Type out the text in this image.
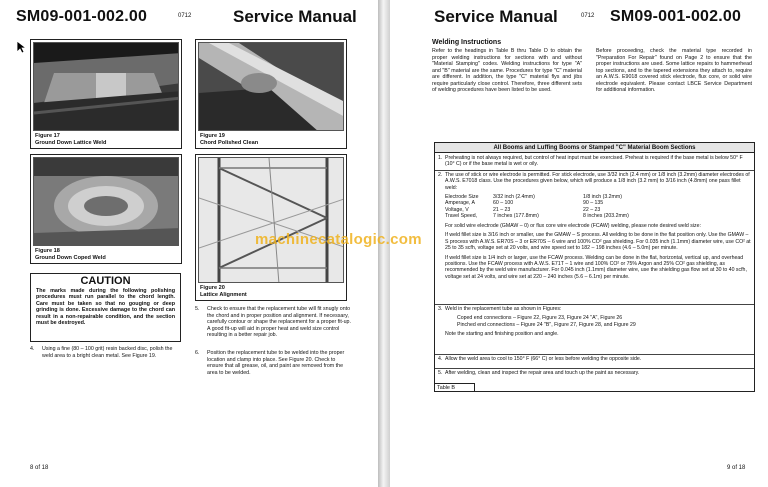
SM09-001-002.00	0712 Service Manual
Figure 17
Ground Down Lattice Weld
Figure 19
Chord Polished Clean
Figure 18
Ground Down Coped Weld
Figure 20
Lattice Alignment
CAUTION
The marks made during the following polishing procedures must run parallel to the chord length. Care must be taken so that no gouging or deep grinding is done. Excessive damage to the chord can result in a non-repairable condition, and the section must be destroyed.
4. Using a fine (80 – 100 grit) resin backed disc, polish the weld area to a bright clean metal. See Figure 19.
5. Check to ensure that the replacement tube will fit snugly onto the chord and in proper position and alignment. If necessary, carefully contour or shape the replacement for a proper fit-up. A good fit-up will aid in proper heat and weld size control resulting in a better repair job.
6. Position the replacement tube to be welded into the proper location and clamp into place. See Figure 20. Check to ensure that all grease, oil, and paint are removed from the area to be welded.
8 of 18
Service Manual	0712 SM09-001-002.00
Welding Instructions
Refer to the headings in Table B thru Table D to obtain the proper welding instructions for sections with and without "Material Stamping" codes. Welding instructions for type "A" and "B" material are the same. Procedures for type "C" material are different. In addition, the type "C" material flys and jibs require particularly close control. Therefore, three different sets of welding procedures have been listed to be used.
Before proceeding, check the material type recorded in "Preparation For Repair" found on Page 2 to ensure that the proper instructions are used. Some lattice repairs to hammerhead top sections, and to the tapered extensions they attach to, require an A.W.S. E9018 covered stick electrode, flux core, or solid wire electrode equivalent. Please contact LBCE Service Department for additional information.
All Booms and Luffing Booms or Stamped "C" Material Boom Sections
1. Preheating is not always required, but control of heat input must be exercised. Preheat is required if the base metal is below 50° F (10° C) or if the base metal is wet or oily.

2. The use of stick or wire electrode is permitted. For stick electrode, use 3/32 inch (2.4 mm) or 1/8 inch (3.2mm) diameter electrodes of A.W.S. E7018 class. Use the procedures given below, which will produce a 1/8 inch (3.2 mm) to 3/16 inch (4.8mm) one pass fillet weld:

Electrode Size	3/32 inch (2.4mm)	1/8 inch (3.2mm)
Amperage, A	60 – 100	90 – 135
Voltage, V	21 – 23	22 – 23
Travel Speed,	7 inches (177.8mm)	8 inches (203.2mm)

For solid wire electrode (GMAW – 0) or flux core wire electrode (FCAW) welding, please note desired weld size:

If weld fillet size is 3/16 inch or smaller, use the GMAW – S process. All welding to be done in the flat position only. Use the GMAW – S process with A.W.S. ER70S – 3 or ER70S – 6 wire and 100% CO² gas shielding. For 0.035 inch (1.1mm) diameter wire, use CO² at 25 to 35 scfh, voltage set at 20 volts, and wire speed set to 182 – 198 inches (4.6 – 5.0m) per minute.

If weld fillet size is 1/4 inch or larger, use the FCAW process. Welding can be done in the flat, horizontal, vertical up, and overhead positions. Use the FCAW process with A.W.S. E71T – 1 wire and 100% CO² or 75% Argon and 25% CO² gas shielding, as recommended by the weld wire manufacturer. For 0.045 inch (1.1mm) diameter wire, use the shielding gas flow set at 30 to 40 scfh, voltage set at 24 volts, and wire set at 220 – 240 inches (5.6 – 6.1m) per minute.

3. Weld in the replacement tube as shown in Figures:

Coped end connections – Figure 22, Figure 23, Figure 24 "A", Figure 26
Pinched end connections – Figure 24 "B", Figure 27, Figure 28, and Figure 29

Note the starting and finishing position and angle.

4. Allow the weld area to cool to 150° F (66° C) or less before welding the opposite side.

5. After welding, clean and inspect the repair area and touch up the paint as necessary.

Table B
9 of 18
machinecatalogic.com
